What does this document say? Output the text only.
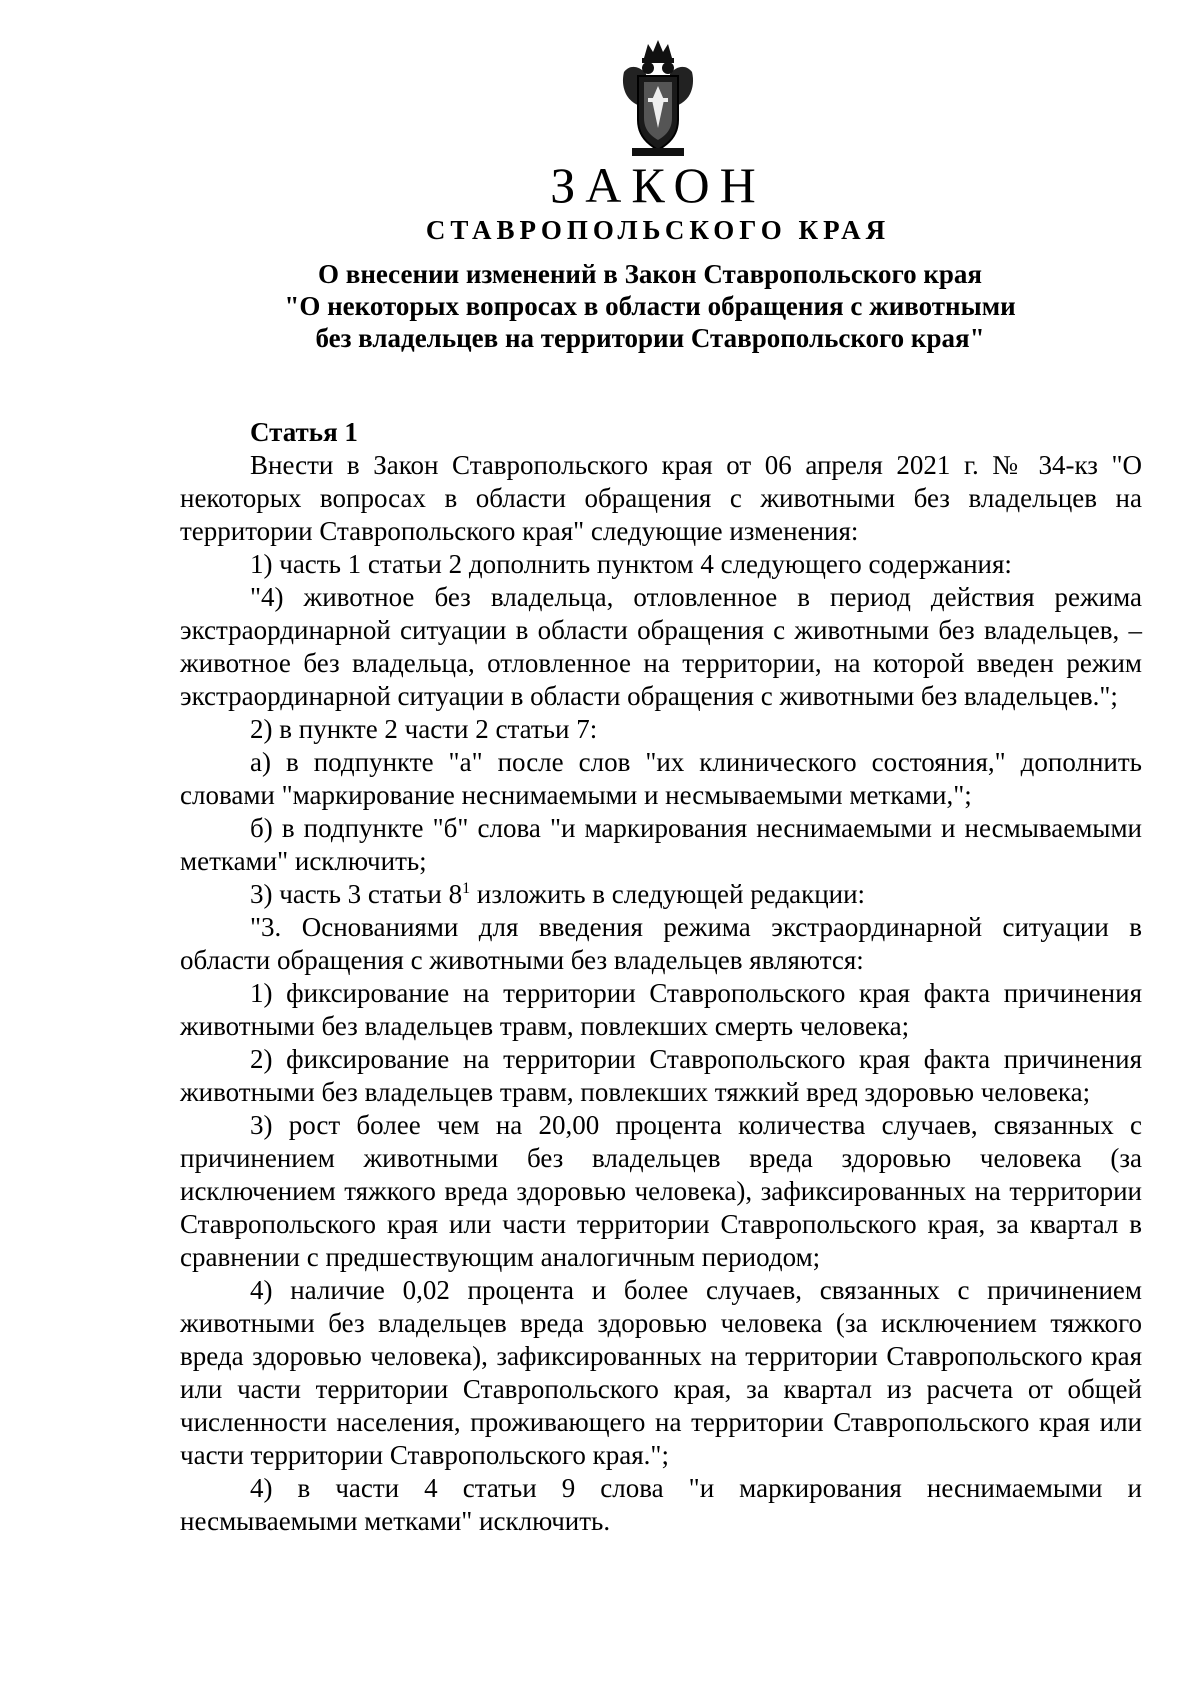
ЗАКОН
СТАВРОПОЛЬСКОГО КРАЯ
О внесении изменений в Закон Ставропольского края
"О некоторых вопросах в области обращения с животными
без владельцев на территории Ставропольского края"

Статья 1

Внести в Закон Ставропольского края от 06 апреля 2021 г. № 34-кз "О некоторых вопросах в области обращения с животными без владельцев на территории Ставропольского края" следующие изменения:

1) часть 1 статьи 2 дополнить пунктом 4 следующего содержания:

"4) животное без владельца, отловленное в период действия режима экстраординарной ситуации в области обращения с животными без владельцев, – животное без владельца, отловленное на территории, на которой введен режим экстраординарной ситуации в области обращения с животными без владельцев.";

2) в пункте 2 части 2 статьи 7:

а) в подпункте "а" после слов "их клинического состояния," дополнить словами "маркирование неснимаемыми и несмываемыми метками,";

б) в подпункте "б" слова "и маркирования неснимаемыми и несмываемыми метками" исключить;

3) часть 3 статьи $8^1$ изложить в следующей редакции:

"3. Основаниями для введения режима экстраординарной ситуации в области обращения с животными без владельцев являются:

1) фиксирование на территории Ставропольского края факта причинения животными без владельцев травм, повлекших смерть человека;

2) фиксирование на территории Ставропольского края факта причинения животными без владельцев травм, повлекших тяжкий вред здоровью человека;

3) рост более чем на 20,00 процента количества случаев, связанных с причинением животными без владельцев вреда здоровью человека (за исключением тяжкого вреда здоровью человека), зафиксированных на территории Ставропольского края или части территории Ставропольского края, за квартал в сравнении с предшествующим аналогичным периодом;

4) наличие 0,02 процента и более случаев, связанных с причинением животными без владельцев вреда здоровью человека (за исключением тяжкого вреда здоровью человека), зафиксированных на территории Ставропольского края или части территории Ставропольского края, за квартал из расчета от общей численности населения, проживающего на территории Ставропольского края или части территории Ставропольского края.";

4) в части 4 статьи 9 слова "и маркирования неснимаемыми и несмываемыми метками" исключить.
